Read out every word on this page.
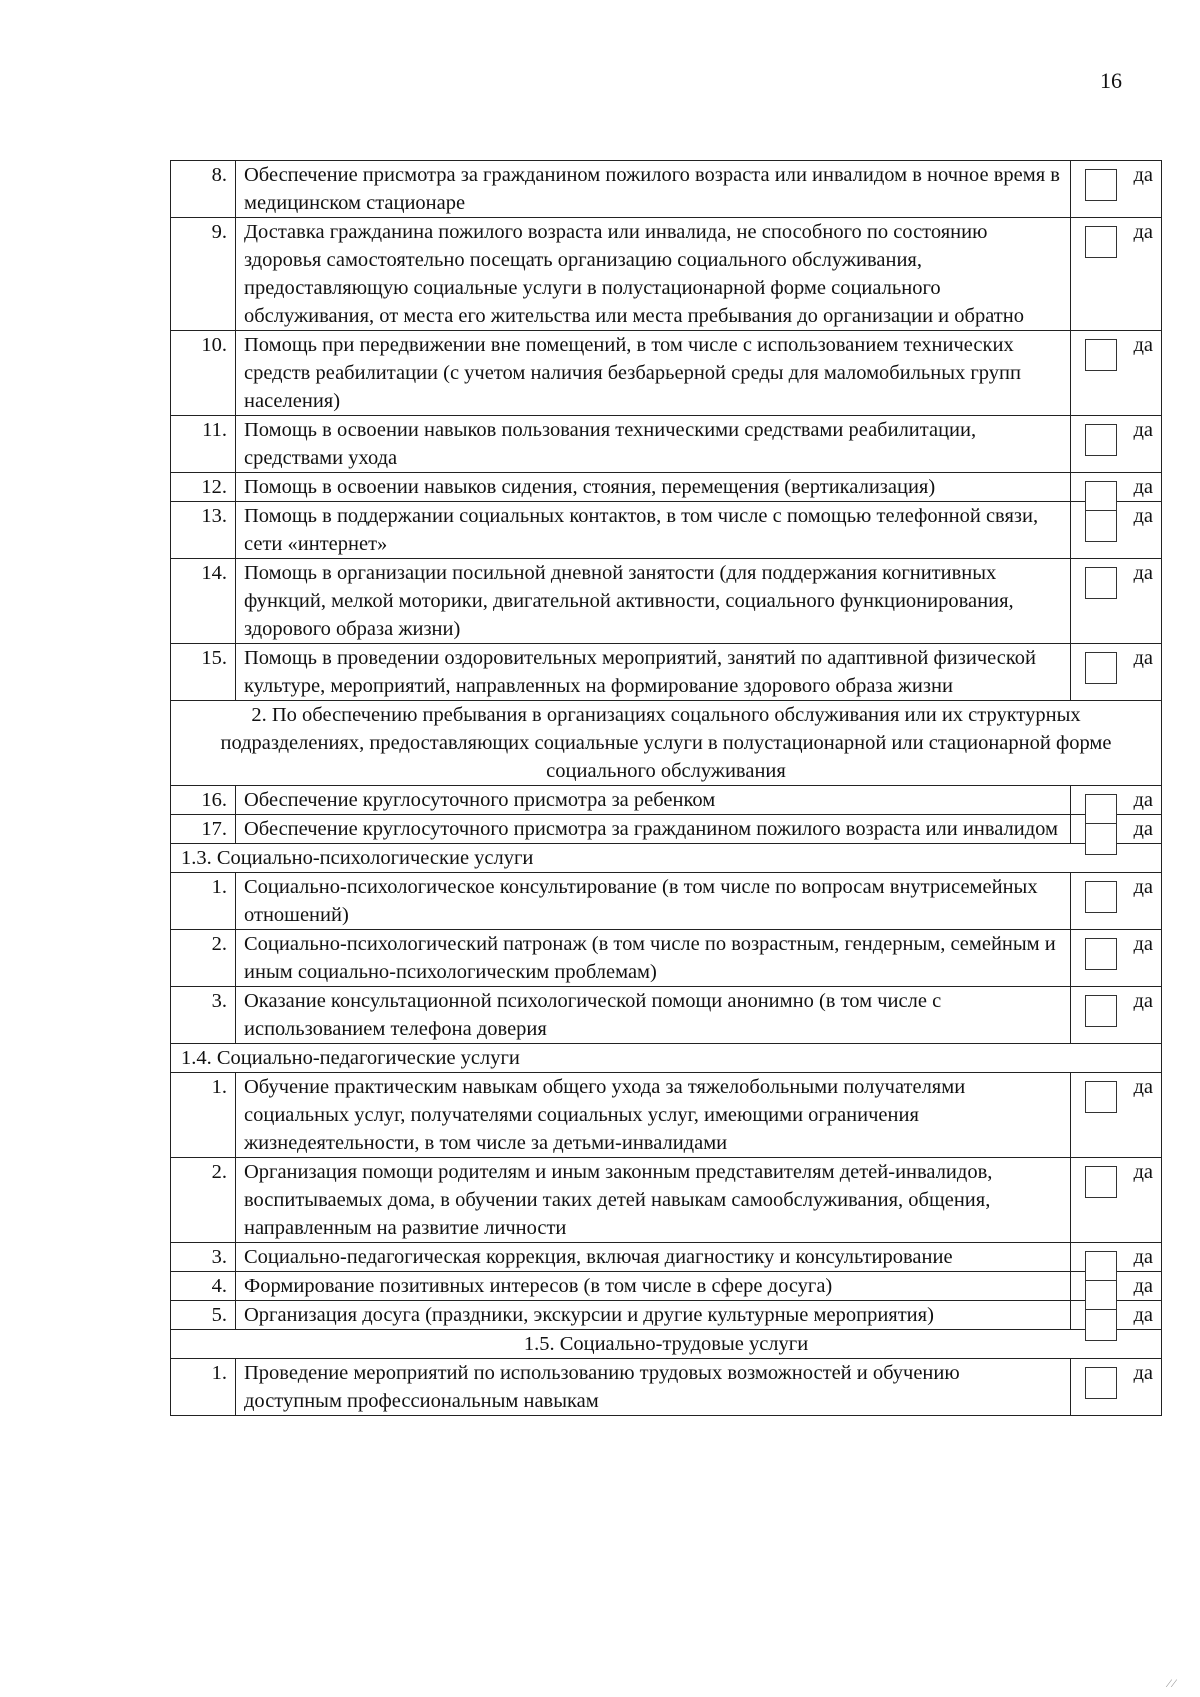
16
8.	Обеспечение присмотра за гражданином пожилого возраста или инвалидом в ночное время в медицинском стационаре	да

9.	Доставка гражданина пожилого возраста или инвалида, не способного по состоянию здоровья самостоятельно посещать организацию социального обслуживания, предоставляющую социальные услуги в полустационарной форме социального обслуживания, от места его жительства или места пребывания до организации и обратно	да

10.	Помощь при передвижении вне помещений, в том числе с использованием технических средств реабилитации (с учетом наличия безбарьерной среды для маломобильных групп населения)	да

11.	Помощь в освоении навыков пользования техническими средствами реабилитации, средствами ухода	да

12.	Помощь в освоении навыков сидения, стояния, перемещения (вертикализация)	да

13.	Помощь в поддержании социальных контактов, в том числе с помощью телефонной связи, сети «интернет»	да

14.	Помощь в организации посильной дневной занятости (для поддержания когнитивных функций, мелкой моторики, двигательной активности, социального функционирования, здорового образа жизни)	да

15.	Помощь в проведении оздоровительных мероприятий, занятий по адаптивной физической культуре, мероприятий, направленных на формирование здорового образа жизни	да

2. По обеспечению пребывания в организациях соцального обслуживания или их структурных подразделениях, предоставляющих социальные услуги в полустационарной или стационарной форме социального обслуживания		
16.	Обеспечение круглосуточного присмотра за ребенком	да

17.	Обеспечение круглосуточного присмотра за гражданином пожилого возраста или инвалидом	да

1.3. Социально-психологические услуги		
1.	Социально-психологическое консультирование (в том числе по вопросам внутрисемейных отношений)	да

2.	Социально-психологический патронаж (в том числе по возрастным, гендерным, семейным и иным социально-психологическим проблемам)	да

3.	Оказание консультационной психологической помощи анонимно (в том числе с использованием телефона доверия	да

1.4. Социально-педагогические услуги		
1.	Обучение практическим навыкам общего ухода за тяжелобольными получателями социальных услуг, получателями социальных услуг, имеющими ограничения жизнедеятельности, в том числе за детьми-инвалидами	да

2.	Организация помощи родителям и иным законным представителям детей-инвалидов, воспитываемых дома, в обучении таких детей навыкам самообслуживания, общения, направленным на развитие личности	да

3.	Социально-педагогическая коррекция, включая диагностику и консультирование	да

4.	Формирование позитивных интересов (в том числе в сфере досуга)	да

5.	Организация досуга (праздники, экскурсии и другие культурные мероприятия)	да

1.5. Социально-трудовые услуги		
1.	Проведение мероприятий по использованию трудовых возможностей и обучению доступным профессиональным навыкам	да
⁄ ⁄
